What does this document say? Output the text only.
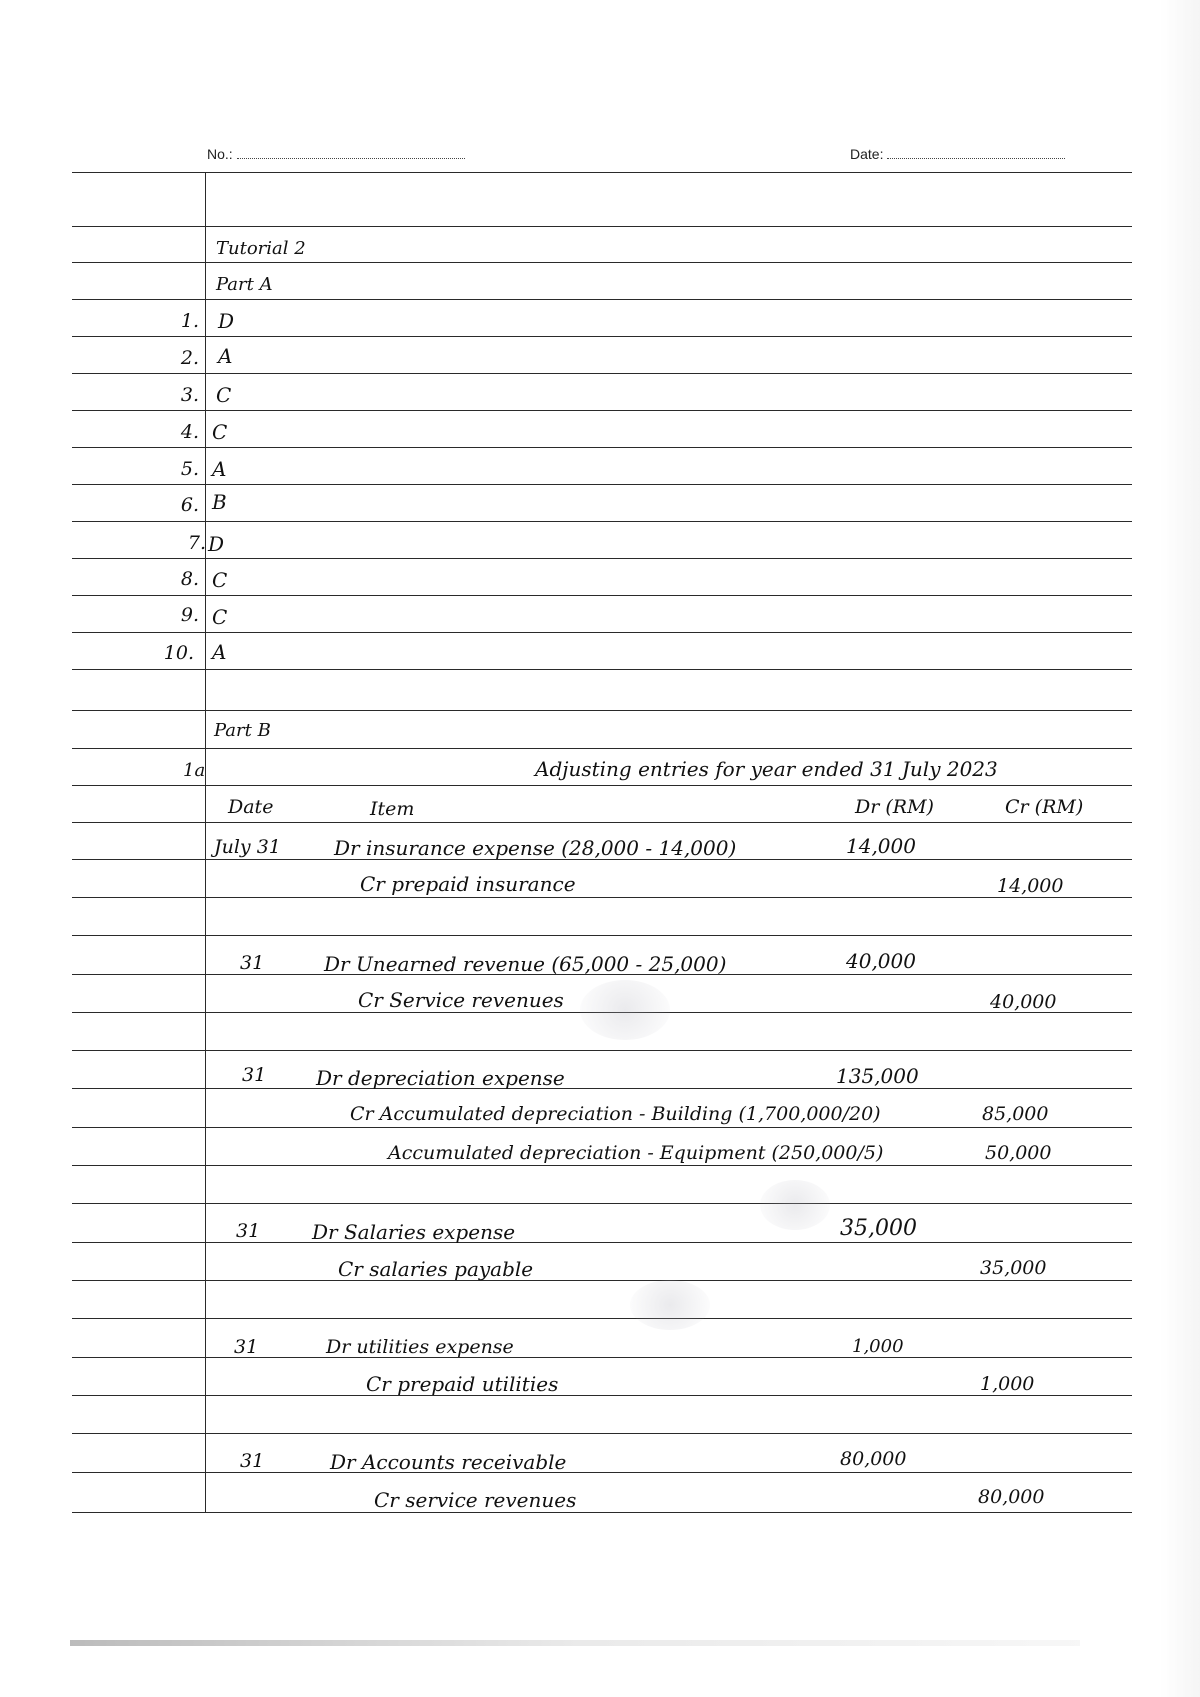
No.:	Date:
Tutorial 2
Part A
1. D
2. A
3. C
4. C
5. A
6. B
7. D
8. C
9. C
10. A
Part B
1a	Adjusting entries for year ended 31 July 2023
Date	Item	Dr (RM)	Cr (RM)
July 31	Dr insurance expense (28,000 - 14,000)	14,000
Cr prepaid insurance	14,000
31	Dr Unearned revenue (65,000 - 25,000)	40,000
Cr Service revenues	40,000
31 Dr depreciation expense	135,000
Cr Accumulated depreciation - Building (1,700,000/20)	85,000
Accumulated depreciation - Equipment (250,000/5)	50,000
31	Dr Salaries expense	35,000
Cr salaries payable	35,000
31	Dr utilities expense	1,000
Cr prepaid utilities	1,000
31	Dr Accounts receivable	80,000
Cr service revenues	80,000
